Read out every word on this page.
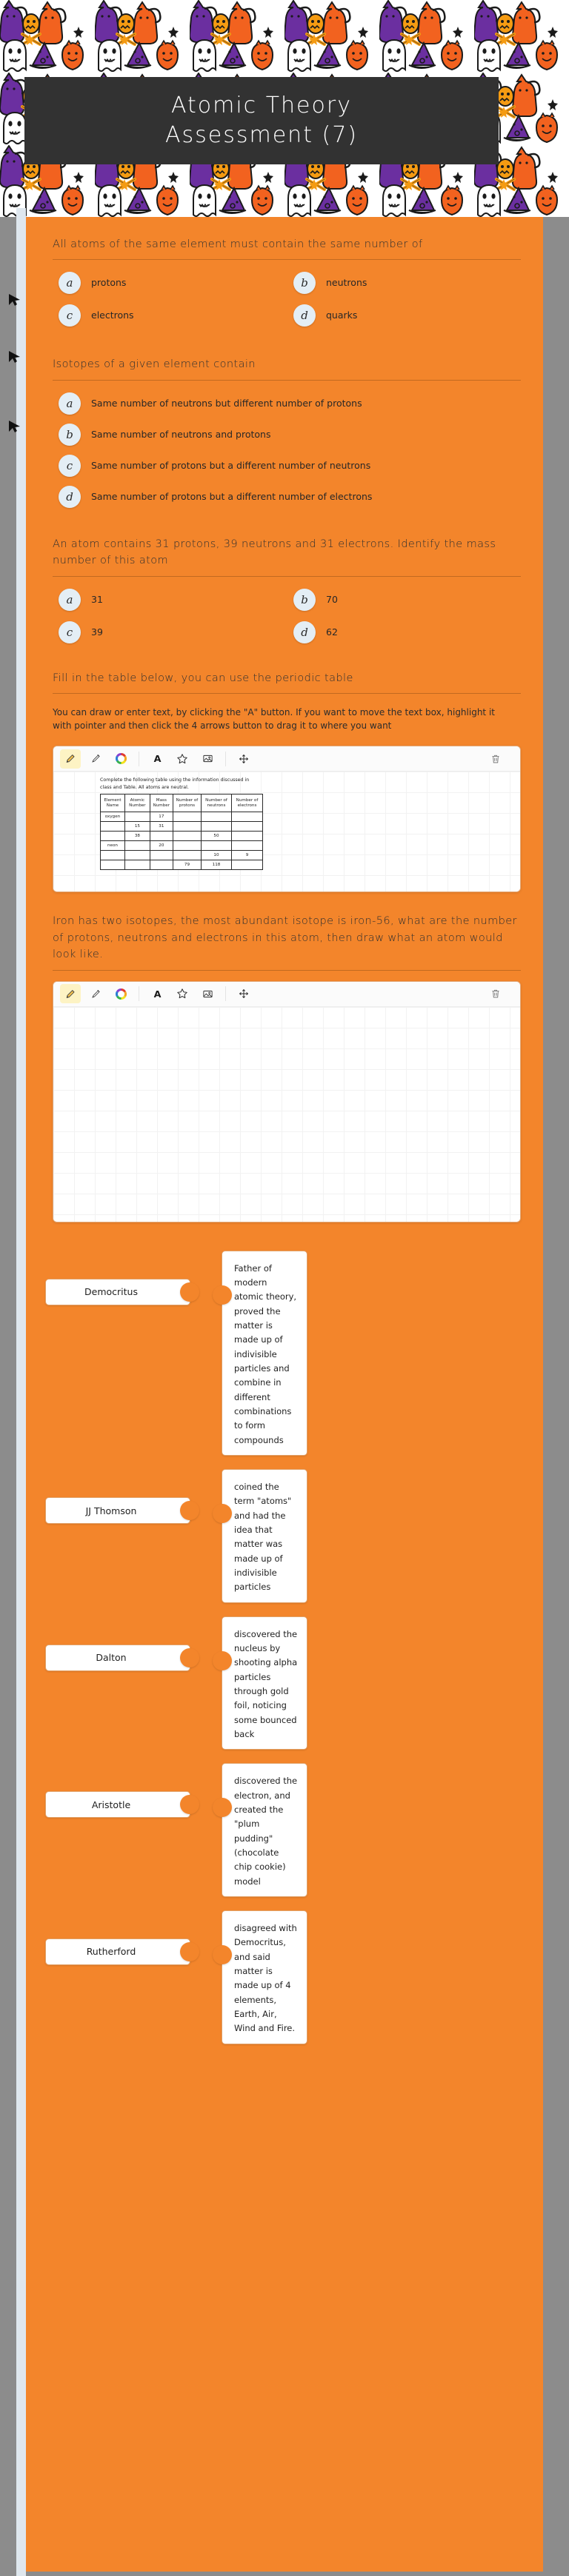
Atomic Theory
Assessment (7)
All atoms of the same element must contain the same number of
a	protons	b	neutrons
c	electrons	d	quarks
Isotopes of a given element contain
a	Same number of neutrons but different number of protons
b	Same number of neutrons and protons
c	Same number of protons but a different number of neutrons
d	Same number of protons but a different number of electrons
An atom contains 31 protons, 39 neutrons and 31 electrons. Identify the mass number of this atom
a	31	b	70
c	39	d	62
Fill in the table below, you can use the periodic table
You can draw or enter text, by clicking the "A" button. If you want to move the text box, highlight it with pointer and then click the 4 arrows button to drag it to where you want
A
Complete the following table using the information discussed in class and Table. All atoms are neutral.
Element Name	Atomic Number	Mass Number	Number of protons	Number of neutrons	Number of electrons
oxygen		17			
	15	31			
	38			50	
neon		20			
				10	9
			79	118	
Iron has two isotopes, the most abundant isotope is iron-56, what are the number of protons, neutrons and electrons in this atom, then draw what an atom would look like.
A
Democritus
Father of modern atomic theory, proved the matter is made up of indivisible particles and combine in different combinations to form compounds
JJ Thomson
coined the term "atoms" and had the idea that matter was made up of indivisible particles
Dalton
discovered the nucleus by shooting alpha particles through gold foil, noticing some bounced back
Aristotle
discovered the electron, and created the "plum pudding" (chocolate chip cookie) model
Rutherford
disagreed with Democritus, and said matter is made up of 4 elements, Earth, Air, Wind and Fire.
